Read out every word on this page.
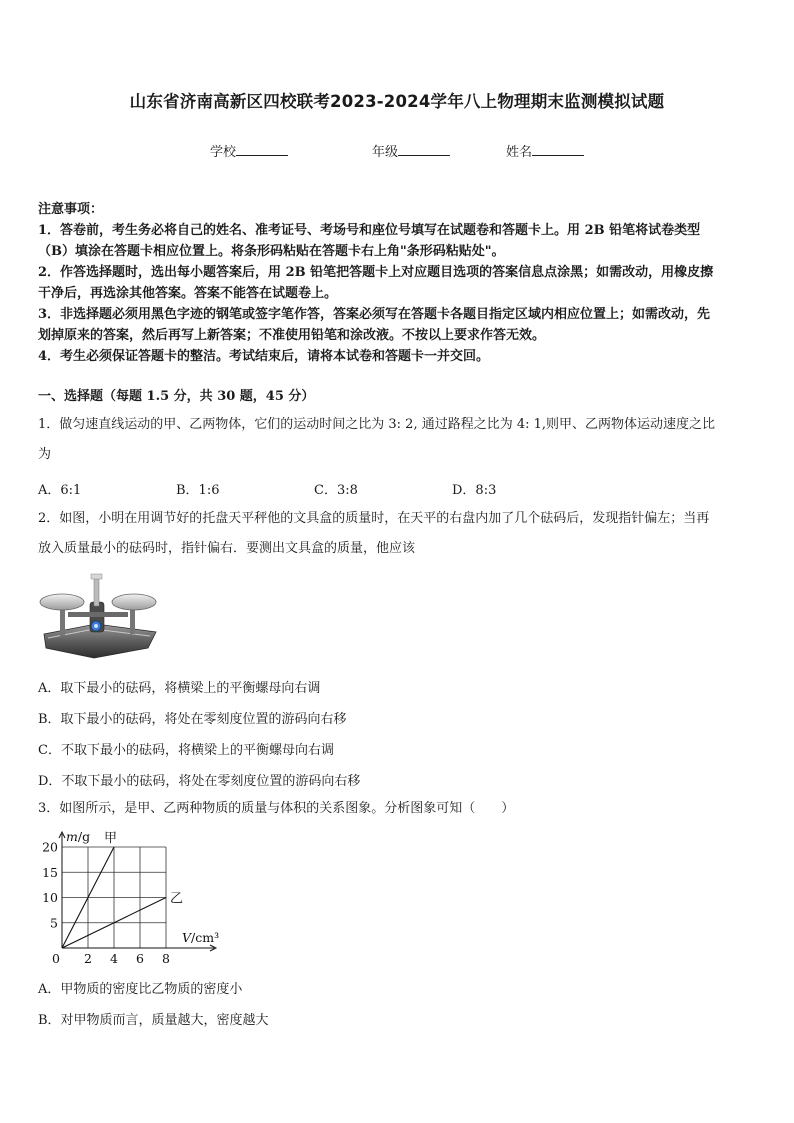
山东省济南高新区四校联考2023-2024学年八上物理期末监测模拟试题
学校	年级	姓名
注意事项：
1．答卷前，考生务必将自己的姓名、准考证号、考场号和座位号填写在试题卷和答题卡上。用 2B 铅笔将试卷类型
（B）填涂在答题卡相应位置上。将条形码粘贴在答题卡右上角"条形码粘贴处"。
2．作答选择题时，选出每小题答案后，用 2B 铅笔把答题卡上对应题目选项的答案信息点涂黑；如需改动，用橡皮擦
干净后，再选涂其他答案。答案不能答在试题卷上。
3．非选择题必须用黑色字迹的钢笔或签字笔作答，答案必须写在答题卡各题目指定区域内相应位置上；如需改动，先
划掉原来的答案，然后再写上新答案；不准使用铅笔和涂改液。不按以上要求作答无效。
4．考生必须保证答题卡的整洁。考试结束后，请将本试卷和答题卡一并交回。
一、选择题（每题 1.5 分，共 30 题，45 分）
1．做匀速直线运动的甲、乙两物体，它们的运动时间之比为 3: 2, 通过路程之比为 4: 1,则甲、乙两物体运动速度之比
为
A．6:1	B．1:6	C．3:8	D．8:3
2．如图，小明在用调节好的托盘天平秤他的文具盒的质量时，在天平的右盘内加了几个砝码后，发现指针偏左；当再
放入质量最小的砝码时，指针偏右．要测出文具盒的质量，他应该
A．取下最小的砝码，将横梁上的平衡螺母向右调
B．取下最小的砝码，将处在零刻度位置的游码向右移
C．不取下最小的砝码，将横梁上的平衡螺母向右调
D．不取下最小的砝码，将处在零刻度位置的游码向右移
3．如图所示，是甲、乙两种物质的质量与体积的关系图象。分析图象可知（　　）
5
10
15
20
0 2 4 6 8
m/g
V/cm³
甲
乙
A．甲物质的密度比乙物质的密度小
B．对甲物质而言，质量越大，密度越大
